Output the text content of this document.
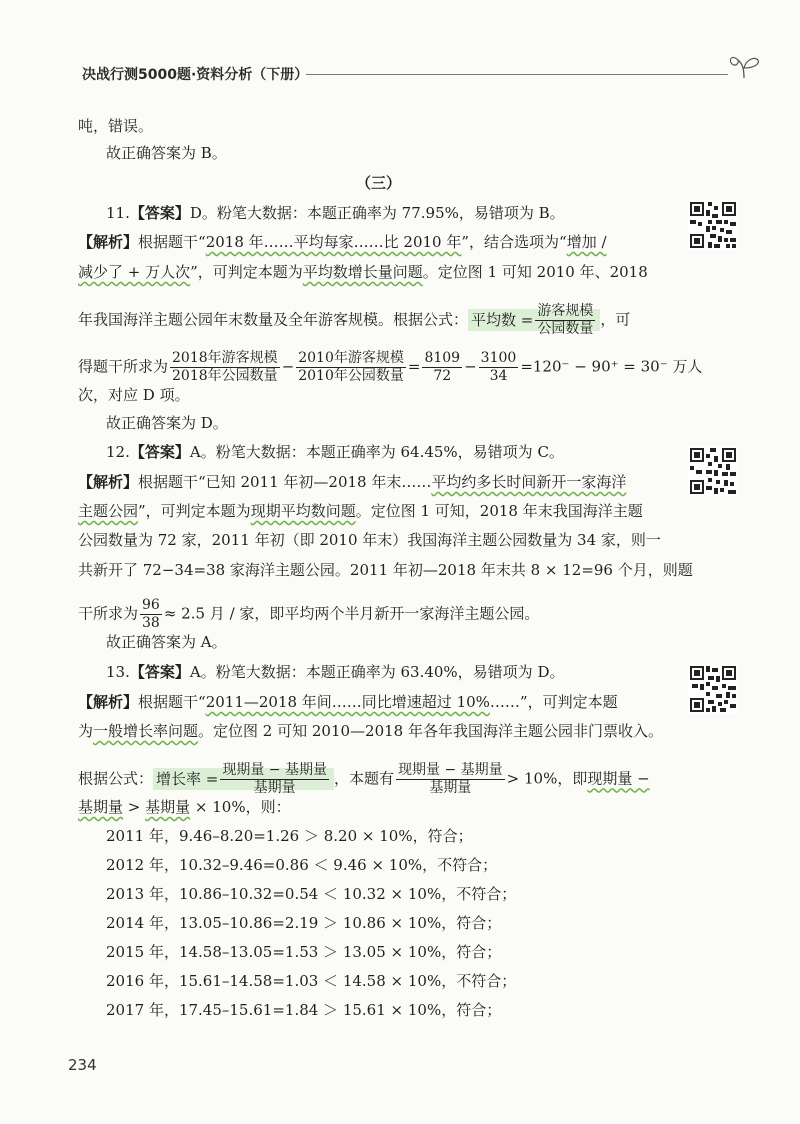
决战行测5000题·资料分析（下册）
吨，错误。
故正确答案为 B。
（三）
11.【答案】D。粉笔大数据：本题正确率为 77.95%，易错项为 B。
【解析】根据题干“2018 年……平均每家……比 2010 年”，结合选项为“增加 /
减少了 + 万人次”，可判定本题为平均数增长量问题。定位图 1 可知 2010 年、2018
年我国海洋主题公园年末数量及全年游客规模。根据公式： 平均数 = $\frac{\text{游客规模}}{\text{公园数量}}$ ，可
得题干所求为 $\frac{\text{2018年游客规模}}{\text{2018年公园数量}} - \frac{\text{2010年游客规模}}{\text{2010年公园数量}} = \frac{8109}{72} - \frac{3100}{34} =120^- - 90^+ = 30^-$ 万人
次，对应 D 项。
故正确答案为 D。
12.【答案】A。粉笔大数据：本题正确率为 64.45%，易错项为 C。
【解析】根据题干“已知 2011 年初—2018 年末……平均约多长时间新开一家海洋
主题公园”，可判定本题为现期平均数问题。定位图 1 可知，2018 年末我国海洋主题
公园数量为 72 家，2011 年初（即 2010 年末）我国海洋主题公园数量为 34 家，则一
共新开了 72−34=38 家海洋主题公园。2011 年初—2018 年末共 8 × 12=96 个月，则题
干所求为 $\frac{96}{38} \approx 2.5$ 月 / 家，即平均两个半月新开一家海洋主题公园。
故正确答案为 A。
13.【答案】A。粉笔大数据：本题正确率为 63.40%，易错项为 D。
【解析】根据题干“2011—2018 年间……同比增速超过 10%……”，可判定本题
为一般增长率问题。定位图 2 可知 2010—2018 年各年我国海洋主题公园非门票收入。
根据公式： 增长率 = $\frac{\text{现期量 − 基期量}}{\text{基期量}}$ ，本题有 $\frac{\text{现期量 − 基期量}}{\text{基期量}} > 10\%$，即现期量 −
基期量 > 基期量 × 10%，则：
2011 年，9.46–8.20=1.26 ＞ 8.20 × 10%，符合；
2012 年，10.32–9.46=0.86 ＜ 9.46 × 10%，不符合；
2013 年，10.86–10.32=0.54 ＜ 10.32 × 10%，不符合；
2014 年，13.05–10.86=2.19 ＞ 10.86 × 10%，符合；
2015 年，14.58–13.05=1.53 ＞ 13.05 × 10%，符合；
2016 年，15.61–14.58=1.03 ＜ 14.58 × 10%，不符合；
2017 年，17.45–15.61=1.84 ＞ 15.61 × 10%，符合；
234
